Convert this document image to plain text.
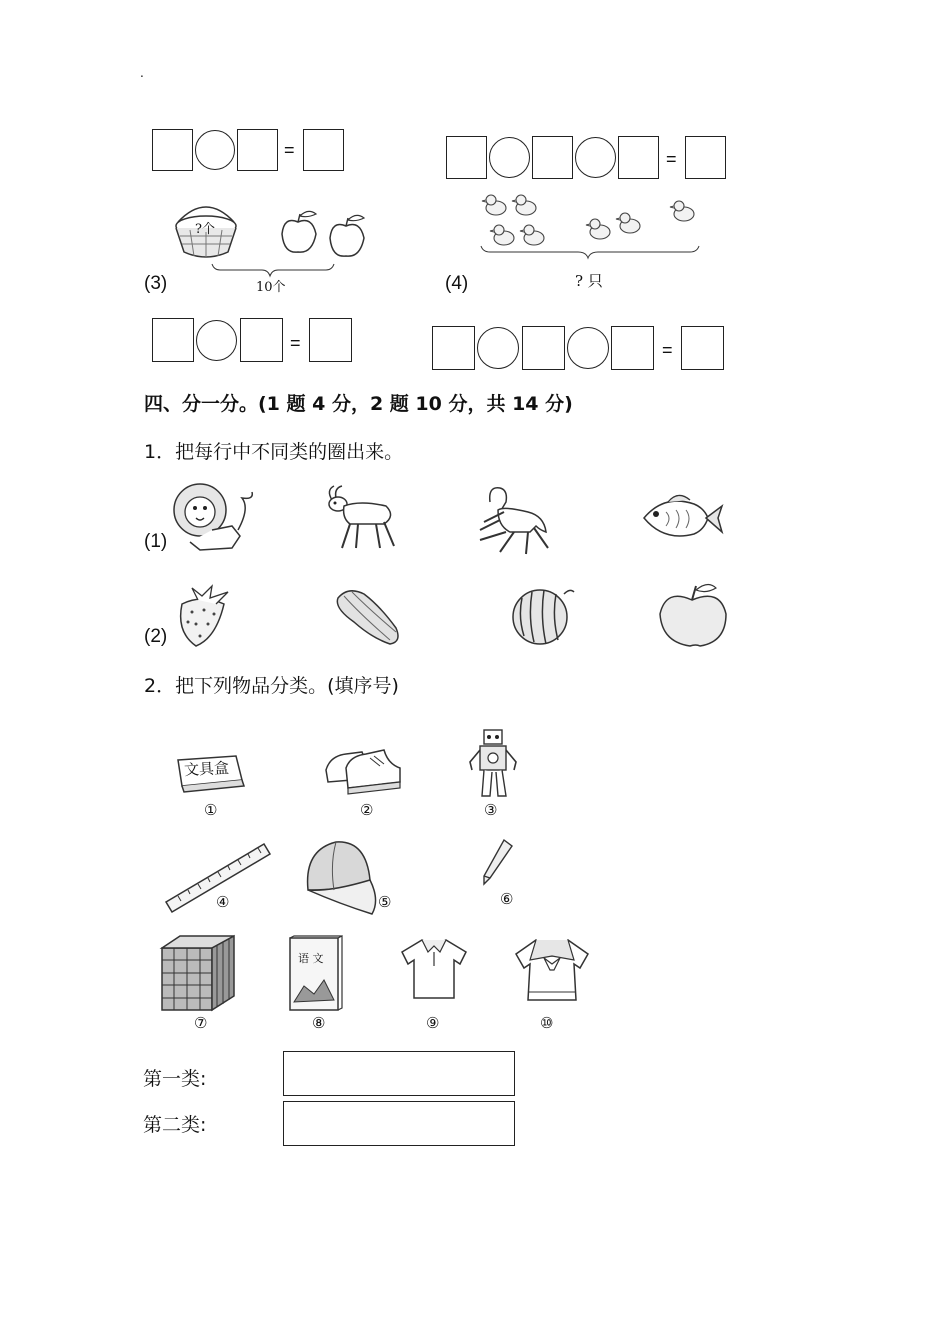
.
=	=
?个
10个
(3)	? 只
(4)
=	=
四、分一分。(1 题 4 分，2 题 10 分，共 14 分)
1．把每行中不同类的圈出来。
(1)
(2)
2．把下列物品分类。(填序号)
文具盒
①	②	③
④	⑤	⑥
⑦
语 文
⑧	⑨	⑩
第一类:
第二类:
